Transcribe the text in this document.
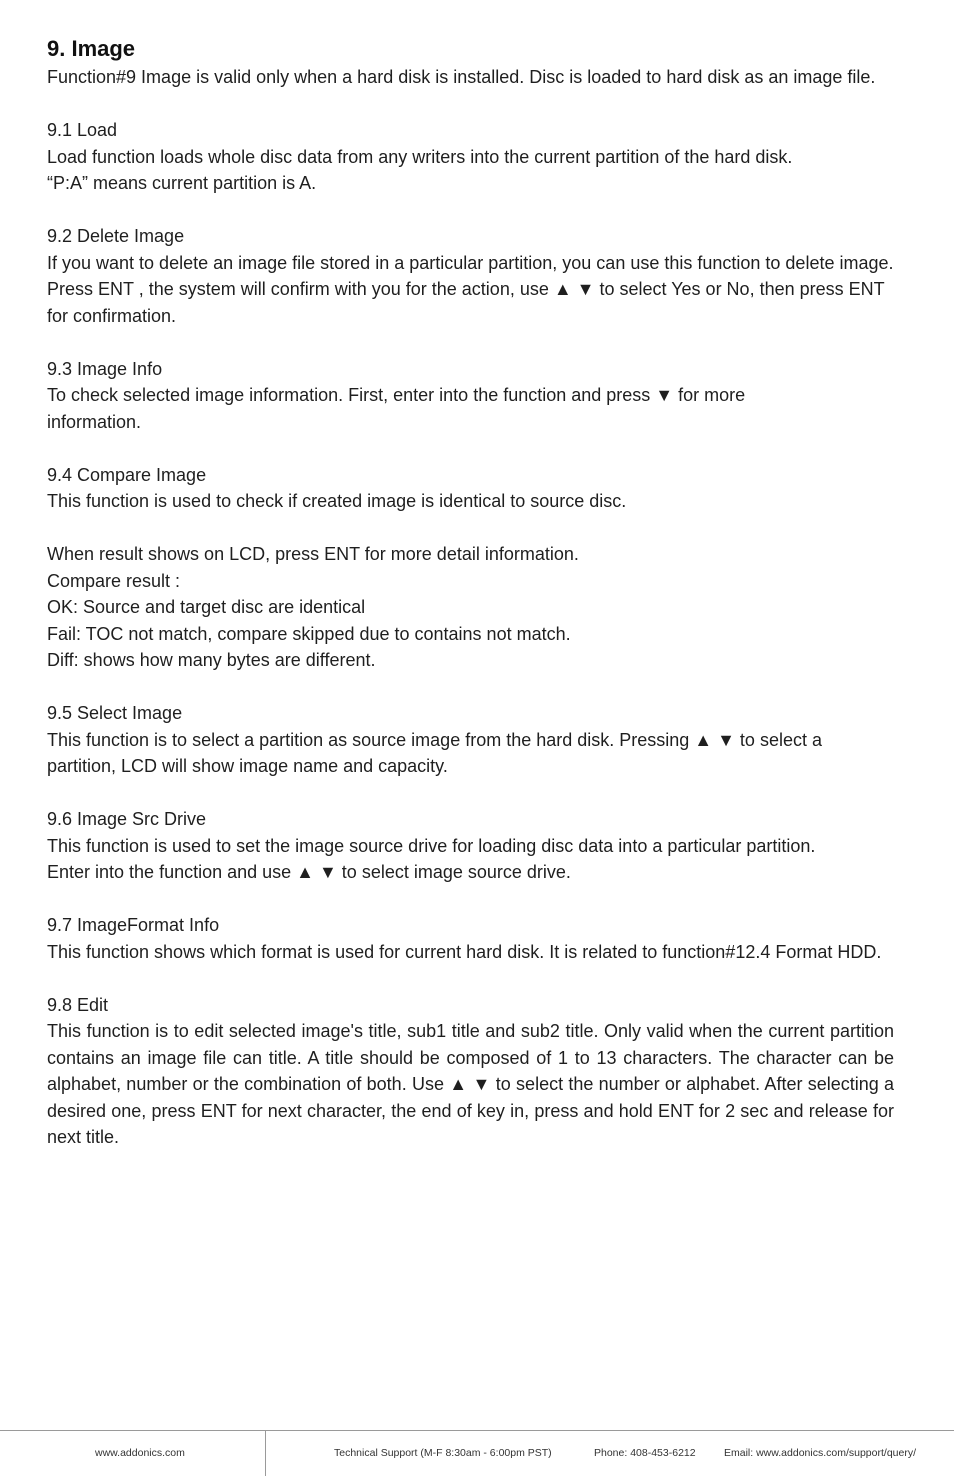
9. Image

Function#9 Image is valid only when a hard disk is installed. Disc is loaded to hard disk as an image file.

9.1 Load

Load function loads whole disc data from any writers into the current partition of the hard disk.

“P:A” means current partition is A.

9.2 Delete Image

If you want to delete an image file stored in a particular partition, you can use this function to delete image. Press ENT , the system will confirm with you for the action, use ▲ ▼ to select Yes or No, then press ENT for confirmation.

9.3 Image Info

To check selected image information. First, enter into the function and press ▼ for more information.

9.4 Compare Image

This function is used to check if created image is identical to source disc.

When result shows on LCD, press ENT for more detail information.

Compare result :

OK: Source and target disc are identical

Fail: TOC not match, compare skipped due to contains not match.

Diff: shows how many bytes are different.

9.5 Select Image

This function is to select a partition as source image from the hard disk. Pressing ▲ ▼ to select a partition, LCD will show image name and capacity.

9.6 Image Src Drive

This function is used to set the image source drive for loading disc data into a particular partition.

Enter into the function and use ▲ ▼ to select image source drive.

9.7 ImageFormat Info

This function shows which format is used for current hard disk. It is related to function#12.4 Format HDD.

9.8 Edit

This function is to edit selected image's title, sub1 title and sub2 title. Only valid when the current partition contains an image file can title. A title should be composed of 1 to 13 characters. The character can be alphabet, number or the combination of both. Use ▲ ▼ to select the number or alphabet. After selecting a desired one, press ENT for next character, the end of key in, press and hold ENT for 2 sec and release for next title.

www.addonics.com	Technical Support (M-F 8:30am - 6:00pm PST)	Phone: 408-453-6212	Email: www.addonics.com/support/query/
